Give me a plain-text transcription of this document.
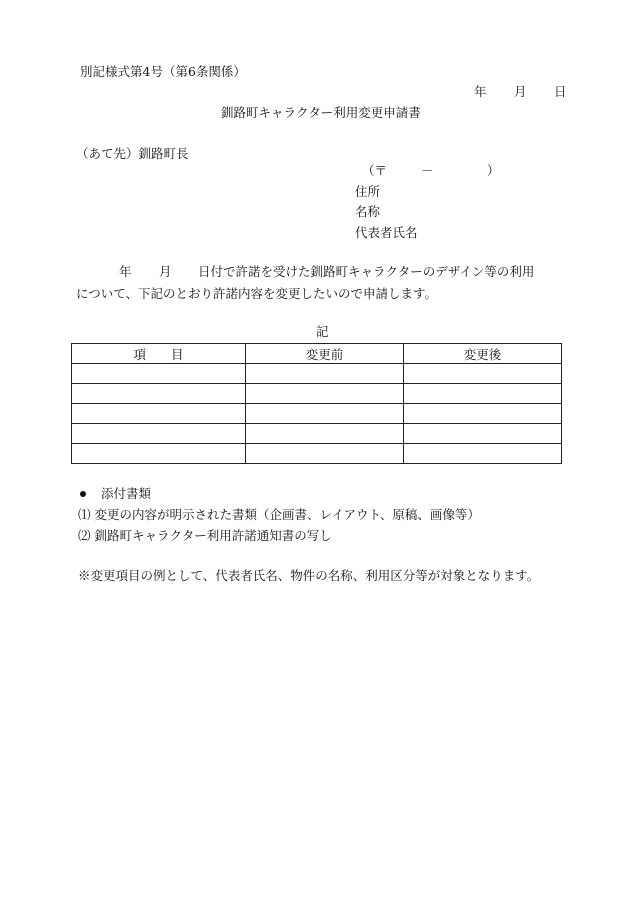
別記様式第4号（第6条関係）
年 月 日
釧路町キャラクター利用変更申請書
（あて先）釧路町長
（〒	－	）
住所
名称
代表者氏名
年 月 日付で許諾を受けた釧路町キャラクターのデザイン等の利用
について、下記のとおり許諾内容を変更したいので申請します。
記
項　　目	変更前	変更後

添付書類
⑴ 変更の内容が明示された書類（企画書、レイアウト、原稿、画像等）
⑵ 釧路町キャラクター利用許諾通知書の写し
※変更項目の例として、代表者氏名、物件の名称、利用区分等が対象となります。
